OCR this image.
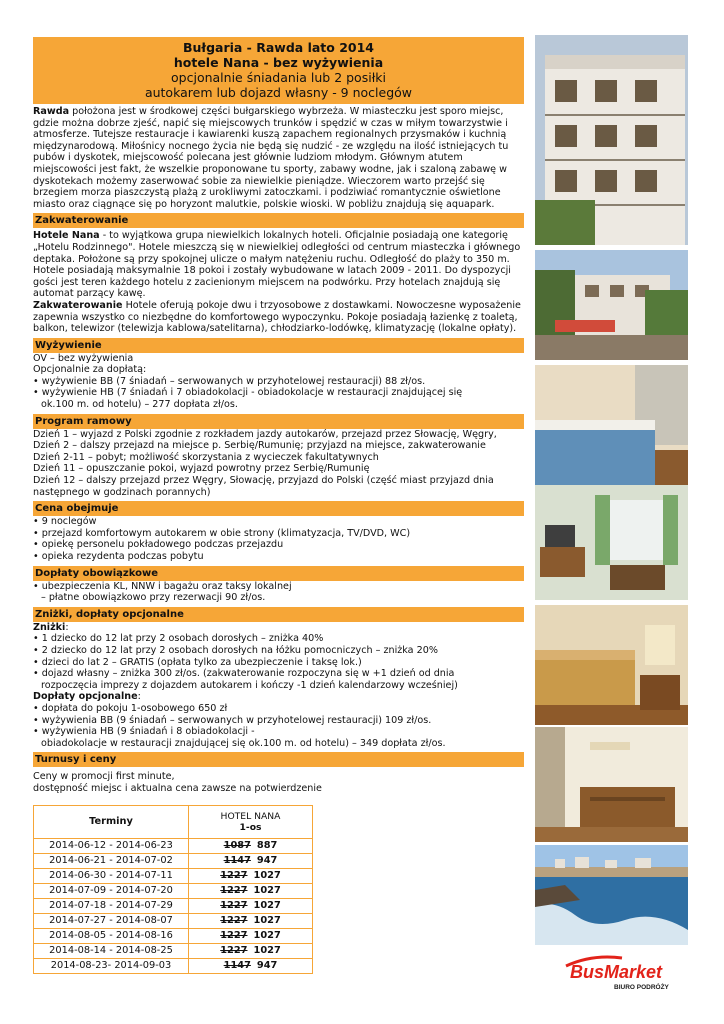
Bułgaria - Rawda lato 2014
hotele Nana - bez wyżywienia
opcjonalnie śniadania lub 2 posiłki
autokarem lub dojazd własny - 9 noclegów
Rawda położona jest w środkowej części bułgarskiego wybrzeża. W miasteczku jest sporo miejsc, gdzie można dobrze zjeść, napić się miejscowych trunków i spędzić w czas w miłym towarzystwie i atmosferze. Tutejsze restauracje i kawiarenki kuszą zapachem regionalnych przysmaków i kuchnią międzynarodową. Miłośnicy nocnego życia nie będą się nudzić - ze względu na ilość istniejących tu pubów i dyskotek, miejscowość polecana jest głównie ludziom młodym. Głównym atutem miejscowości jest fakt, że wszelkie proponowane tu sporty, zabawy wodne, jak i szaloną zabawę w dyskotekach możemy zaserwować sobie za niewielkie pieniądze. Wieczorem warto przejść się brzegiem morza piaszczystą plażą z urokliwymi zatoczkami. i podziwiać romantycznie oświetlone miasto oraz ciągnące się po horyzont malutkie, polskie wioski. W pobliżu znajdują się aquapark.
Zakwaterowanie
Hotele Nana - to wyjątkowa grupa niewielkich lokalnych hoteli. Oficjalnie posiadają one kategorię „Hotelu Rodzinnego". Hotele mieszczą się w niewielkiej odległości od centrum miasteczka i głównego deptaka. Położone są przy spokojnej ulicze o małym natężeniu ruchu. Odległość do plaży to 350 m. Hotele posiadają maksymalnie 18 pokoi i zostały wybudowane w latach 2009 - 2011. Do dyspozycji gości jest teren każdego hotelu z zacienionym miejscem na podwórku. Przy hotelach znajdują się automat parzący kawę.
Zakwaterowanie Hotele oferują pokoje dwu i trzyosobowe z dostawkami. Nowoczesne wyposażenie zapewnia wszystko co niezbędne do komfortowego wypoczynku. Pokoje posiadają łazienkę z toaletą, balkon, telewizor (telewizja kablowa/satelitarna), chłodziarko-lodówkę, klimatyzację (lokalne opłaty).
Wyżywienie
OV – bez wyżywienia
Opcjonalnie za dopłatą:
• wyżywienie BB (7 śniadań – serwowanych w przyhotelowej restauracji) 88 zł/os.
• wyżywienie HB (7 śniadań i 7 obiadokolacji - obiadokolacje w restauracji znajdującej się
ok.100 m. od hotelu) – 277 dopłata zł/os.
Program ramowy
Dzień 1 – wyjazd z Polski zgodnie z rozkładem jazdy autokarów, przejazd przez Słowację, Węgry,
Dzień 2 – dalszy przejazd na miejsce p. Serbię/Rumunię; przyjazd na miejsce, zakwaterowanie
Dzień 2-11 – pobyt; możliwość skorzystania z wycieczek fakultatywnych
Dzień 11 – opuszczanie pokoi, wyjazd powrotny przez Serbię/Rumunię
Dzień 12 – dalszy przejazd przez Węgry, Słowację, przyjazd do Polski (część miast przyjazd dnia
następnego w godzinach porannych)
Cena obejmuje
• 9 noclegów
• przejazd komfortowym autokarem w obie strony (klimatyzacja, TV/DVD, WC)
• opiekę personelu pokładowego podczas przejazdu
• opieka rezydenta podczas pobytu
Dopłaty obowiązkowe
• ubezpieczenia KL, NNW i bagażu oraz taksy lokalnej
– płatne obowiązkowo przy rezerwacji 90 zł/os.
Zniżki, dopłaty opcjonalne
Zniżki:
• 1 dziecko do 12 lat przy 2 osobach dorosłych – zniżka 40%
• 2 dziecko do 12 lat przy 2 osobach dorosłych na łóżku pomocniczych – zniżka 20%
• dzieci do lat 2 – GRATIS (opłata tylko za ubezpieczenie i taksę lok.)
• dojazd własny – zniżka 300 zł/os. (zakwaterowanie rozpoczyna się w +1 dzień od dnia
rozpoczęcia imprezy z dojazdem autokarem i kończy -1 dzień kalendarzowy wcześniej)
Dopłaty opcjonalne:
• dopłata do pokoju 1-osobowego 650 zł
• wyżywienia BB (9 śniadań – serwowanych w przyhotelowej restauracji) 109 zł/os.
• wyżywienia HB (9 śniadań i 8 obiadokolacji -
obiadokolacje w restauracji znajdującej się ok.100 m. od hotelu) – 349 dopłata zł/os.
Turnusy i ceny
Ceny w promocji first minute,
dostępność miejsc i aktualna cena zawsze na potwierdzenie
Terminy	HOTEL NANA
1-os

2014-06-12 - 2014-06-23	1087 887
2014-06-21 - 2014-07-02	1147 947
2014-06-30 - 2014-07-11	1227 1027
2014-07-09 - 2014-07-20	1227 1027
2014-07-18 - 2014-07-29	1227 1027
2014-07-27 - 2014-08-07	1227 1027
2014-08-05 - 2014-08-16	1227 1027
2014-08-14 - 2014-08-25	1227 1027
2014-08-23- 2014-09-03	1147 947	BusMarket
BIURO PODRÓŻY
